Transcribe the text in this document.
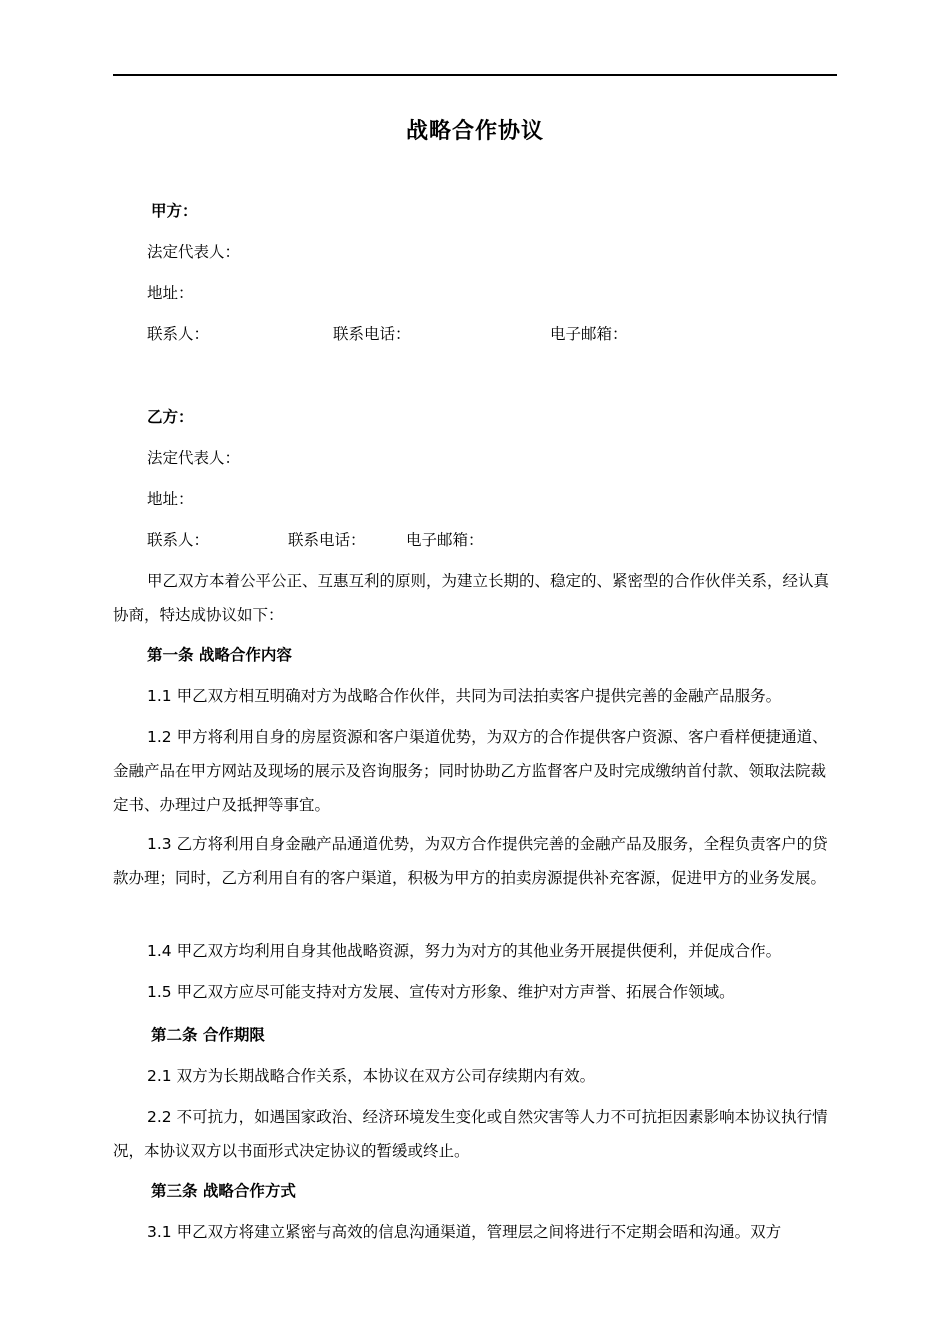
战略合作协议
甲方：
法定代表人：
地址：
联系人：	联系电话：	电子邮箱：
乙方：
法定代表人：
地址：
联系人：	联系电话：	电子邮箱：
甲乙双方本着公平公正、互惠互利的原则，为建立长期的、稳定的、紧密型的合作伙伴关系，经认真协商，特达成协议如下：
第一条 战略合作内容
1.1 甲乙双方相互明确对方为战略合作伙伴，共同为司法拍卖客户提供完善的金融产品服务。
1.2 甲方将利用自身的房屋资源和客户渠道优势，为双方的合作提供客户资源、客户看样便捷通道、金融产品在甲方网站及现场的展示及咨询服务；同时协助乙方监督客户及时完成缴纳首付款、领取法院裁定书、办理过户及抵押等事宜。
1.3 乙方将利用自身金融产品通道优势，为双方合作提供完善的金融产品及服务，全程负责客户的贷款办理；同时，乙方利用自有的客户渠道，积极为甲方的拍卖房源提供补充客源，促进甲方的业务发展。
1.4 甲乙双方均利用自身其他战略资源，努力为对方的其他业务开展提供便利，并促成合作。
1.5 甲乙双方应尽可能支持对方发展、宣传对方形象、维护对方声誉、拓展合作领域。
第二条 合作期限
2.1 双方为长期战略合作关系，本协议在双方公司存续期内有效。
2.2 不可抗力，如遇国家政治、经济环境发生变化或自然灾害等人力不可抗拒因素影响本协议执行情况，本协议双方以书面形式决定协议的暂缓或终止。
第三条 战略合作方式
3.1 甲乙双方将建立紧密与高效的信息沟通渠道，管理层之间将进行不定期会晤和沟通。双方
